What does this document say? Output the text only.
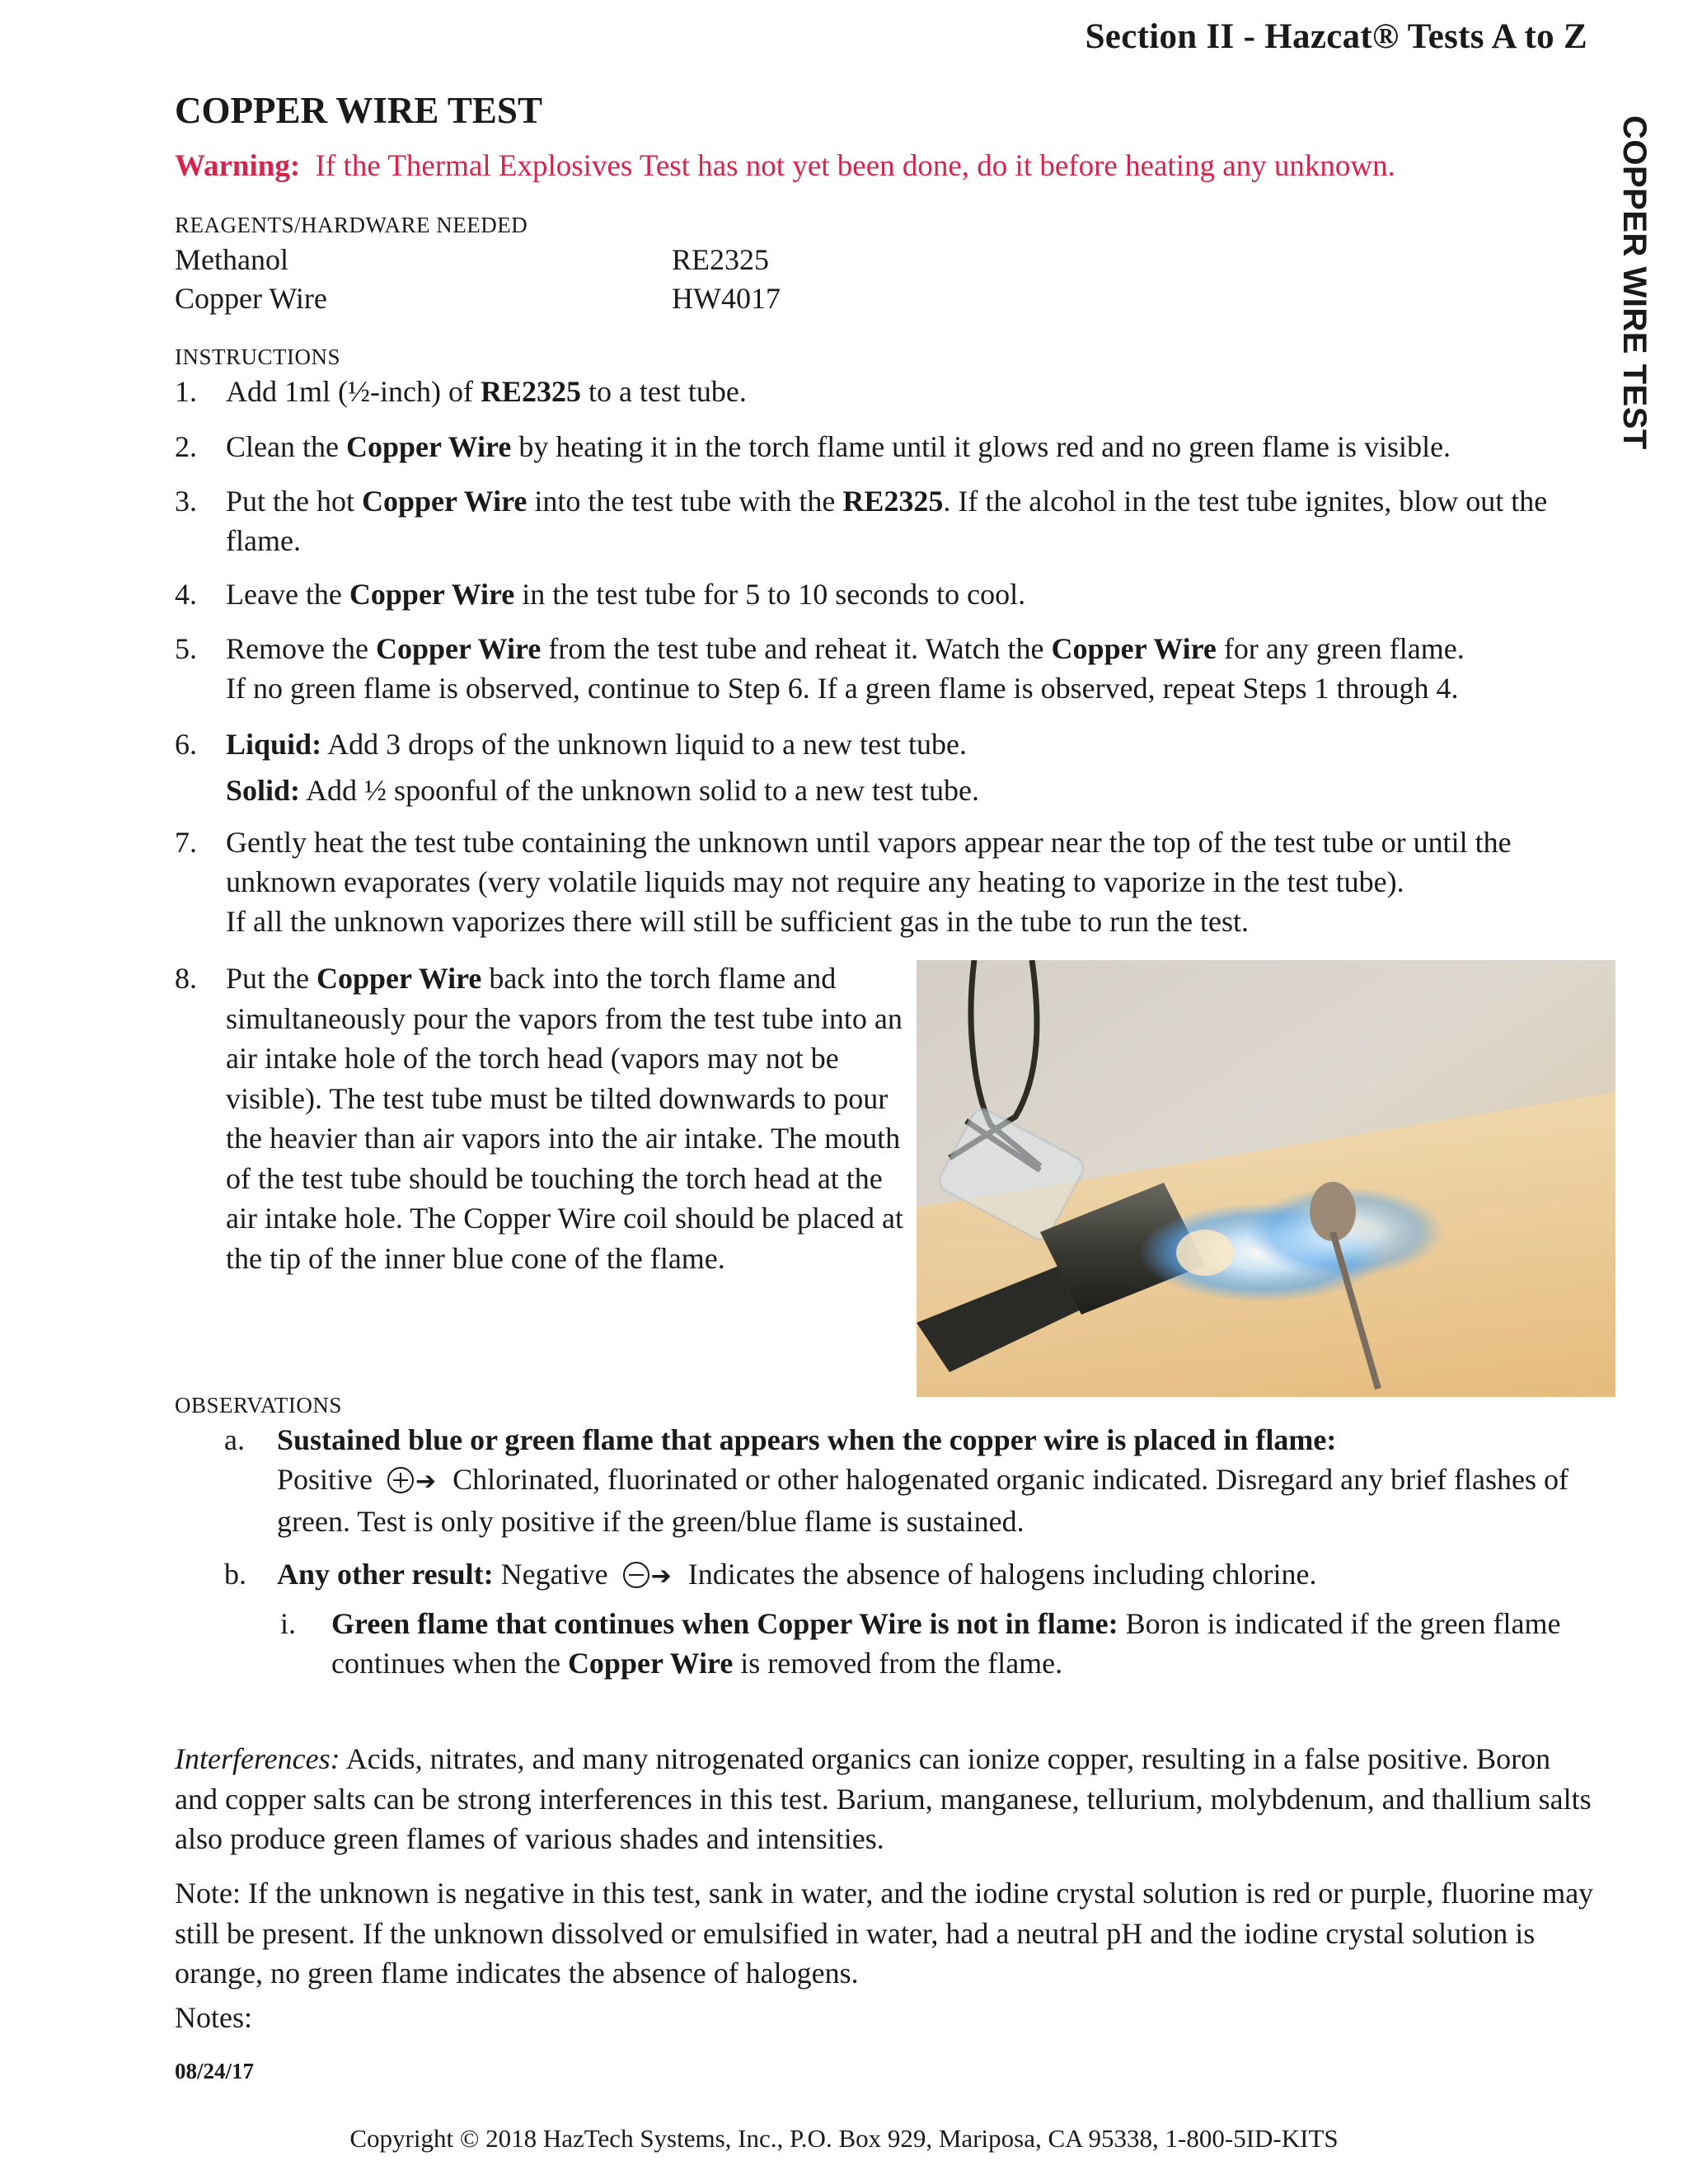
Section II - Hazcat® Tests A to Z
COPPER WIRE TEST
COPPER WIRE TEST
Warning: If the Thermal Explosives Test has not yet been done, do it before heating any unknown.
REAGENTS/HARDWARE NEEDED
Methanol	RE2325
Copper Wire	HW4017
INSTRUCTIONS
1. Add 1ml (½-inch) of RE2325 to a test tube.
2. Clean the Copper Wire by heating it in the torch flame until it glows red and no green flame is visible.
3. Put the hot Copper Wire into the test tube with the RE2325. If the alcohol in the test tube ignites, blow out the flame.
4. Leave the Copper Wire in the test tube for 5 to 10 seconds to cool.
5. Remove the Copper Wire from the test tube and reheat it. Watch the Copper Wire for any green flame.
If no green flame is observed, continue to Step 6. If a green flame is observed, repeat Steps 1 through 4.
6. Liquid: Add 3 drops of the unknown liquid to a new test tube.
Solid: Add ½ spoonful of the unknown solid to a new test tube.
7. Gently heat the test tube containing the unknown until vapors appear near the top of the test tube or until the unknown evaporates (very volatile liquids may not require any heating to vaporize in the test tube).
If all the unknown vaporizes there will still be sufficient gas in the tube to run the test.
8. Put the Copper Wire back into the torch flame and simultaneously pour the vapors from the test tube into an air intake hole of the torch head (vapors may not be visible). The test tube must be tilted downwards to pour the heavier than air vapors into the air intake. The mouth of the test tube should be touching the torch head at the air intake hole. The Copper Wire coil should be placed at the tip of the inner blue cone of the flame.
OBSERVATIONS
a. Sustained blue or green flame that appears when the copper wire is placed in flame:
Positive ➔ Chlorinated, fluorinated or other halogenated organic indicated. Disregard any brief flashes of green. Test is only positive if the green/blue flame is sustained.
b. Any other result: Negative ➔ Indicates the absence of halogens including chlorine.
i. Green flame that continues when Copper Wire is not in flame: Boron is indicated if the green flame continues when the Copper Wire is removed from the flame.
Interferences: Acids, nitrates, and many nitrogenated organics can ionize copper, resulting in a false positive. Boron and copper salts can be strong interferences in this test. Barium, manganese, tellurium, molybdenum, and thallium salts also produce green flames of various shades and intensities.
Note: If the unknown is negative in this test, sank in water, and the iodine crystal solution is red or purple, fluorine may still be present. If the unknown dissolved or emulsified in water, had a neutral pH and the iodine crystal solution is orange, no green flame indicates the absence of halogens.
Notes:
08/24/17
Copyright © 2018 HazTech Systems, Inc., P.O. Box 929, Mariposa, CA 95338, 1-800-5ID-KITS
